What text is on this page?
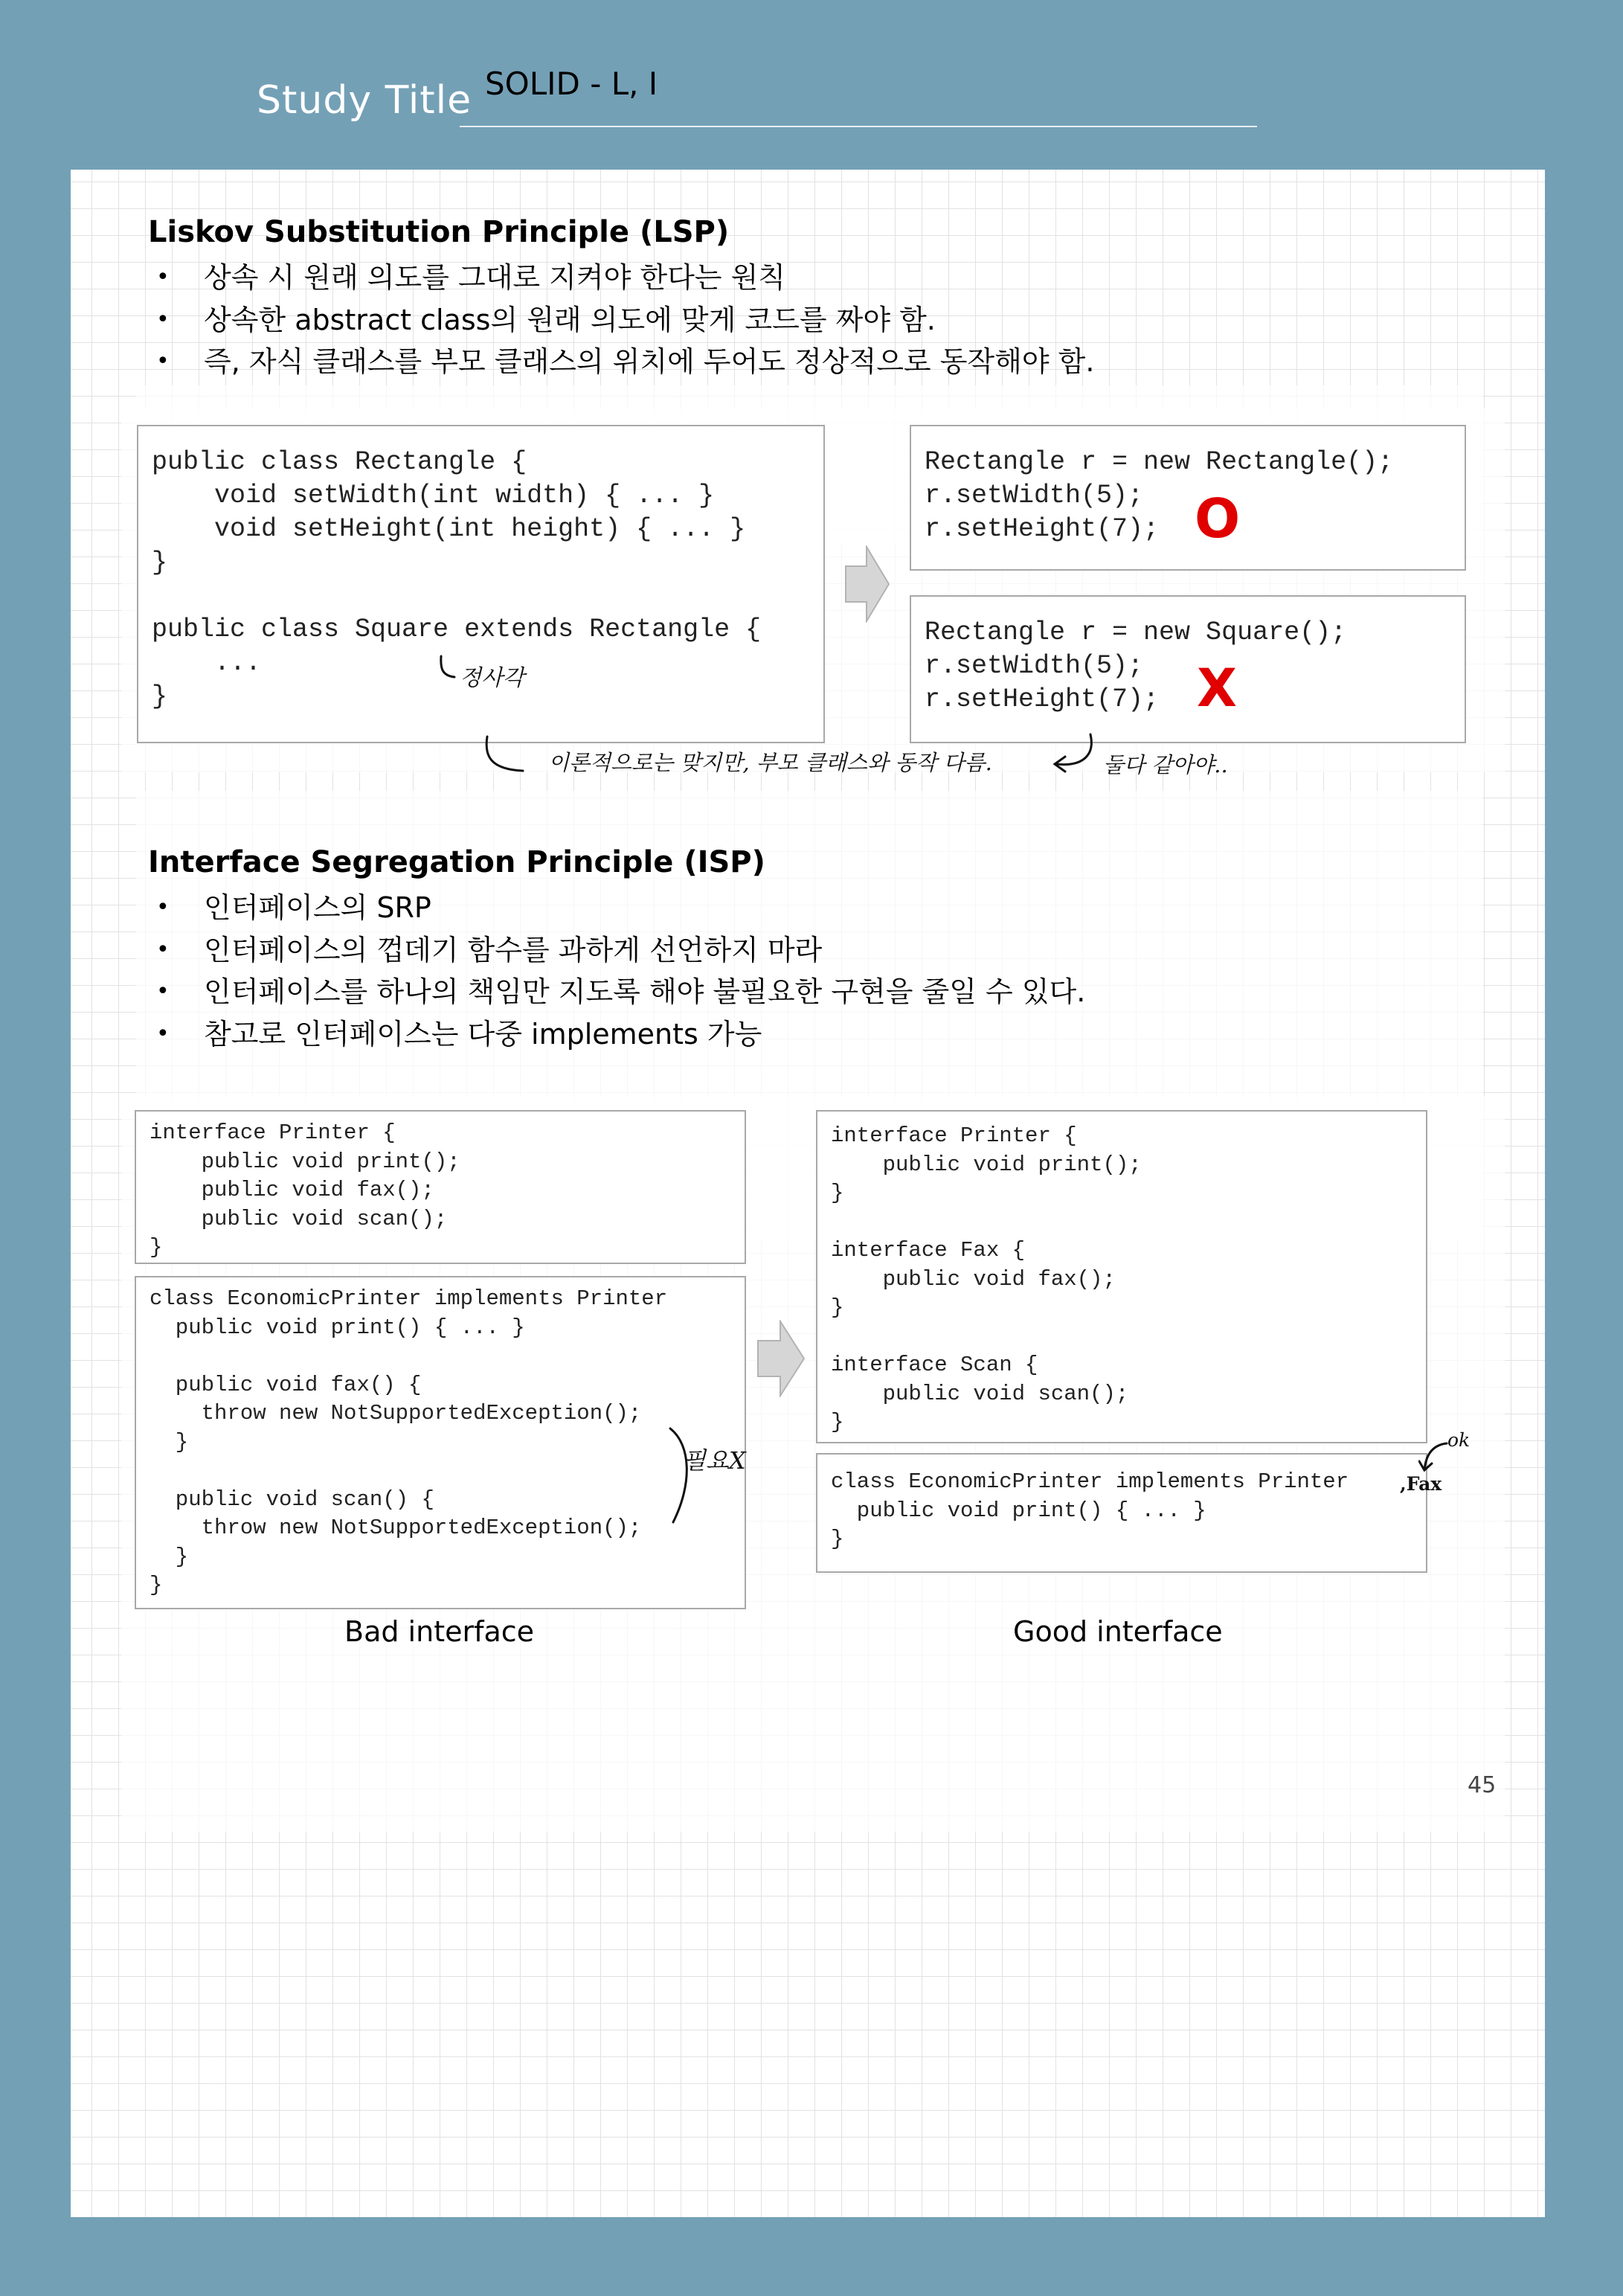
Study Title SOLID - L, I
Liskov Substitution Principle (LSP)
• 상속 시 원래 의도를 그대로 지켜야 한다는 원칙
• 상속한 abstract class의 원래 의도에 맞게 코드를 짜야 함.
• 즉, 자식 클래스를 부모 클래스의 위치에 두어도 정상적으로 동작해야 함.
public class Rectangle {
void setWidth(int width) { ... }
void setHeight(int height) { ... }
}

public class Square extends Rectangle {
...
}
Rectangle r = new Rectangle();
r.setWidth(5);
r.setHeight(7); O
Rectangle r = new Square();
r.setWidth(5);
r.setHeight(7); X
정사각
이론적으로는 맞지만, 부모 클래스와 동작 다름.	둘다 같아야..
Interface Segregation Principle (ISP)
• 인터페이스의 SRP
• 인터페이스의 껍데기 함수를 과하게 선언하지 마라
• 인터페이스를 하나의 책임만 지도록 해야 불필요한 구현을 줄일 수 있다.
• 참고로 인터페이스는 다중 implements 가능
interface Printer {
public void print();
public void fax();
public void scan();
}
class EconomicPrinter implements Printer
public void print() { ... }

public void fax() {
throw new NotSupportedException();
}

public void scan() {
throw new NotSupportedException();
}
}
필요X
interface Printer {
public void print();
}

interface Fax {
public void fax();
}

interface Scan {
public void scan();
}
class EconomicPrinter implements Printer
public void print() { ... }
}
,Fax
ok
Bad interface	Good interface
45
